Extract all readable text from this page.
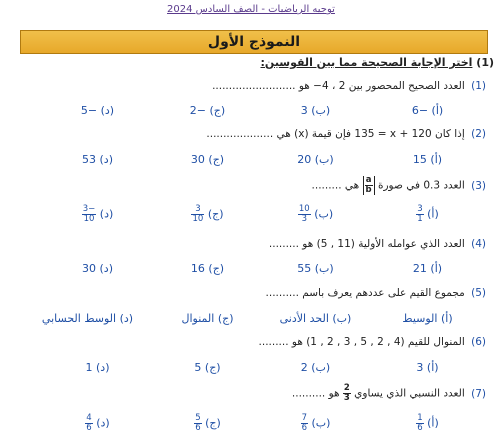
توجيه الرياضيات - الصف السادس 2024
النموذج الأول
(1) اختر الإجابة الصحيحة مما بين القوسين:
(1) العدد الصحيح المحصور بين 2 ، 4− هو .........................
(أ) −6
(ب) 3
(ج) −2
(د) −5
(2) إذا كان 135 = x + 120 فإن قيمة (x) هي ....................
(أ) 15
(ب) 20
(ج) 30
(د) 53
(3) العدد 0.3 في صورة
$\frac{a}{b}$
هي .........
(أ)
$\frac{3}{1}$
(ب)
$\frac{10}{3}$
(ج)
$\frac{3}{10}$
(د)
$\frac{-3}{10}$
(4) العدد الذي عوامله الأولية (11 , 5) هو .........
(أ) 21
(ب) 55
(ج) 16
(د) 30
(5) مجموع القيم على عددهم يعرف باسم ..........
(أ) الوسيط
(ب) الحد الأدنى
(ج) المنوال
(د) الوسط الحسابي
(6) المنوال للقيم (4 , 2 , 5 , 3 , 2 , 1) هو .........
(أ) 3
(ب) 2
(ج) 5
(د) 1
(7) العدد النسبي الذي يساوي
$\frac{2}{3}$
هو ..........
(أ)
$\frac{1}{6}$
(ب)
$\frac{7}{6}$
(ج)
$\frac{5}{6}$
(د)
$\frac{4}{6}$
